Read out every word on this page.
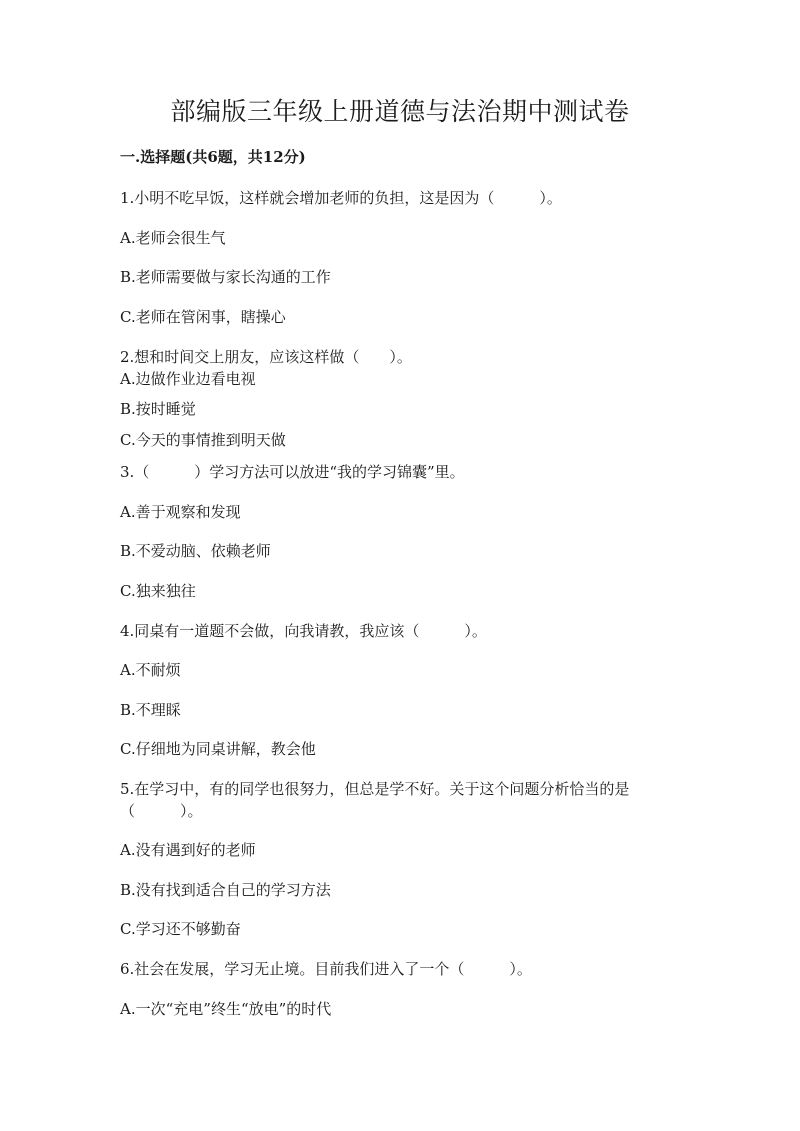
部编版三年级上册道德与法治期中测试卷
一.选择题(共6题，共12分)
1.小明不吃早饭，这样就会增加老师的负担，这是因为（　　　）。
A.老师会很生气
B.老师需要做与家长沟通的工作
C.老师在管闲事，瞎操心
2.想和时间交上朋友，应该这样做（　　）。
A.边做作业边看电视
B.按时睡觉
C.今天的事情推到明天做
3.（　　　）学习方法可以放进“我的学习锦囊”里。
A.善于观察和发现
B.不爱动脑、依赖老师
C.独来独往
4.同桌有一道题不会做，向我请教，我应该（　　　）。
A.不耐烦
B.不理睬
C.仔细地为同桌讲解，教会他
5.在学习中，有的同学也很努力，但总是学不好。关于这个问题分析恰当的是
（　　　）。
A.没有遇到好的老师
B.没有找到适合自己的学习方法
C.学习还不够勤奋
6.社会在发展，学习无止境。目前我们进入了一个（　　　）。
A.一次“充电”终生“放电”的时代
